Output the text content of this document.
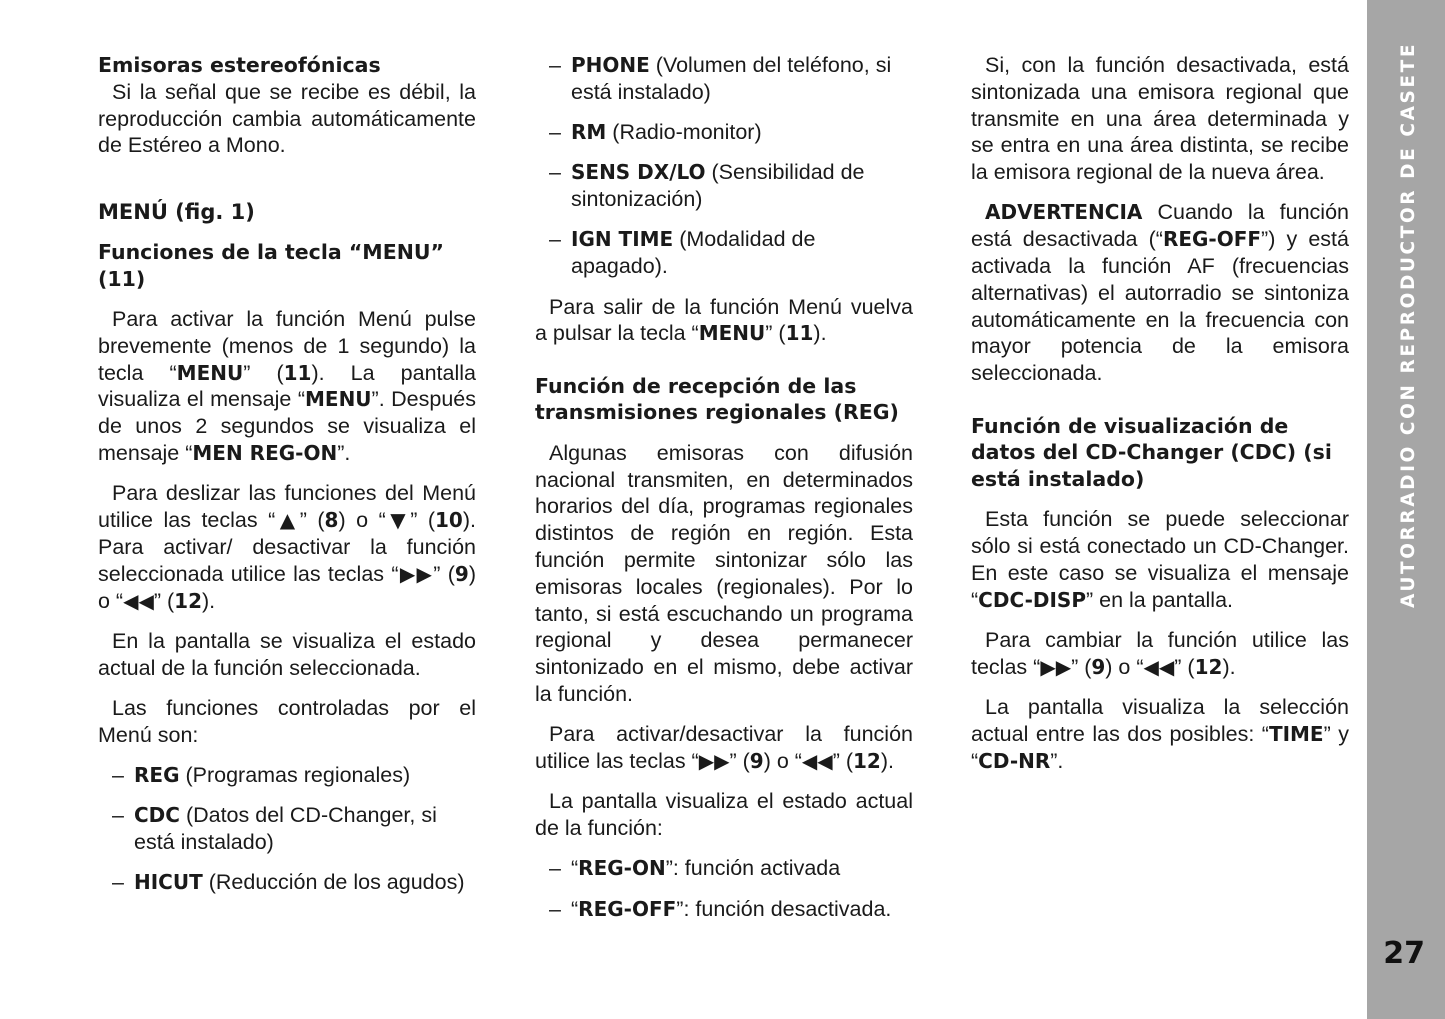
Emisoras estereofónicas

Si la señal que se recibe es débil, la reproducción cambia automáticamente de Estéreo a Mono.

MENÚ (fig. 1)
Funciones de la tecla “MENU” (11)

Para activar la función Menú pulse brevemente (menos de 1 segundo) la tecla “MENU” (11). La pantalla visualiza el mensaje “MENU”. Después de unos 2 segundos se visualiza el mensaje “MEN REG-ON”.

Para deslizar las funciones del Menú utilice las teclas “▲” (8) o “▼” (10). Para activar/ desactivar la función seleccionada utilice las teclas “▶▶” (9) o “◀◀” (12).

En la pantalla se visualiza el estado actual de la función seleccionada.

Las funciones controladas por el Menú son:

– REG (Programas regionales)
– CDC (Datos del CD-Changer, si está instalado)
– HICUT (Reducción de los agudos)
– PHONE (Volumen del teléfono, si está instalado)
– RM (Radio-monitor)
– SENS DX/LO (Sensibilidad de sintonización)
– IGN TIME (Modalidad de apagado).

Para salir de la función Menú vuelva a pulsar la tecla “MENU” (11).

Función de recepción de las transmisiones regionales (REG)

Algunas emisoras con difusión nacional transmiten, en determinados horarios del día, programas regionales distintos de región en región. Esta función permite sintonizar sólo las emisoras locales (regionales). Por lo tanto, si está escuchando un programa regional y desea permanecer sintonizado en el mismo, debe activar la función.

Para activar/desactivar la función utilice las teclas “▶▶” (9) o “◀◀” (12).

La pantalla visualiza el estado actual de la función:

– “REG-ON”: función activada
– “REG-OFF”: función desactivada.

Si, con la función desactivada, está sintonizada una emisora regional que transmite en una área determinada y se entra en una área distinta, se recibe la emisora regional de la nueva área.

ADVERTENCIA Cuando la función está desactivada (“REG-OFF”) y está activada la función AF (frecuencias alternativas) el autorradio se sintoniza automáticamente en la frecuencia con mayor potencia de la emisora seleccionada.

Función de visualización de datos del CD-Changer (CDC) (si está instalado)

Esta función se puede seleccionar sólo si está conectado un CD-Changer. En este caso se visualiza el mensaje “CDC-DISP” en la pantalla.

Para cambiar la función utilice las teclas “▶▶” (9) o “◀◀” (12).

La pantalla visualiza la selección actual entre las dos posibles: “TIME” y “CD-NR”.

AUTORRADIO CON REPRODUCTOR DE CASETE
27
